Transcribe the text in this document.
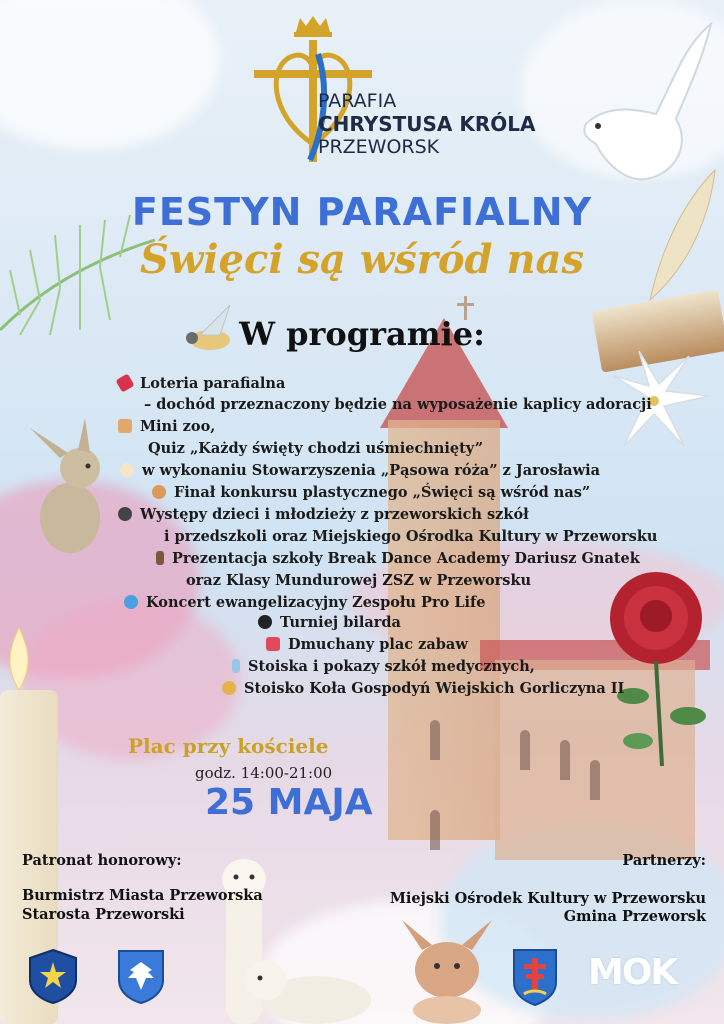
PARAFIA
CHRYSTUSA KRÓLA
PRZEWORSK
FESTYN PARAFIALNY
Święci są wśród nas
W programie:
Loteria parafialna
– dochód przeznaczony będzie na wyposażenie kaplicy adoracji
Mini zoo,
Quiz „Każdy święty chodzi uśmiechnięty”
w wykonaniu Stowarzyszenia „Pąsowa róża” z Jarosławia
Finał konkursu plastycznego „Święci są wśród nas”
Występy dzieci i młodzieży z przeworskich szkół
i przedszkoli oraz Miejskiego Ośrodka Kultury w Przeworsku
Prezentacja szkoły Break Dance Academy Dariusz Gnatek
oraz Klasy Mundurowej ZSZ w Przeworsku
Koncert ewangelizacyjny Zespołu Pro Life
Turniej bilarda
Dmuchany plac zabaw
Stoiska i pokazy szkół medycznych,
Stoisko Koła Gospodyń Wiejskich Gorliczyna II
Plac przy kościele
godz. 14:00-21:00
25 MAJA
Patronat honorowy:
Burmistrz Miasta Przeworska
Starosta Przeworski
Partnerzy:
Miejski Ośrodek Kultury w Przeworsku
Gmina Przeworsk
MOK
